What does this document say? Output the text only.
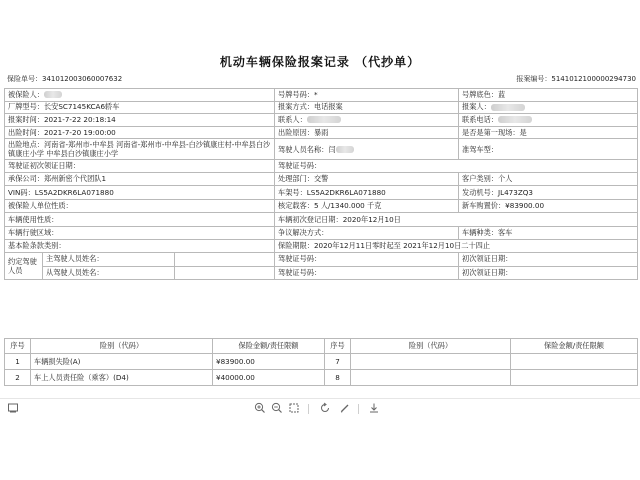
机动车辆保险报案记录 （代抄单）
保险单号：341012003060007632	报案编号：5141012100000294730
被保险人：			号牌号码：*	号牌底色：蓝
厂牌型号：长安SC7145KCA6轿车			报案方式：电话报案	报案人：
报案时间：2021-7-22 20:18:14			联系人：	联系电话：
出险时间：2021-7-20 19:00:00			出险原因：暴雨	是否是第一现场：是
出险地点：河南省-郑州市-中牟县 河南省-郑州市-中牟县-白沙镇康庄村-中牟县白沙镇康庄小学 中牟县白沙镇康庄小学			驾驶人员名称：闫	准驾车型：
驾驶证初次领证日期：			驾驶证号码：	
承保公司：郑州新密个代团队1			处理部门：交警	客户类别：个人
VIN码：LS5A2DKR6LA071880			车架号：LS5A2DKR6LA071880	发动机号：JL473ZQ3
被保险人单位性质：			核定载客：5 人/1340.000 千克	新车购置价：¥83900.00
车辆使用性质：			车辆初次登记日期：2020年12月10日	
车辆行驶区域：			争议解决方式：	车辆种类：客车
基本险条款类别：			保险期限：2020年12月11日零时起至 2021年12月10日二十四止	
约定驾驶人员	主驾驶人员姓名：		驾驶证号码：	初次领证日期：
	从驾驶人员姓名：		驾驶证号码：	初次领证日期：
序号	险别（代码）	保险金额/责任限额	序号	险别（代码）	保险金额/责任限额
1	车辆损失险(A)	¥83900.00	7		
2	车上人员责任险（乘客）(D4)	¥40000.00	8		
